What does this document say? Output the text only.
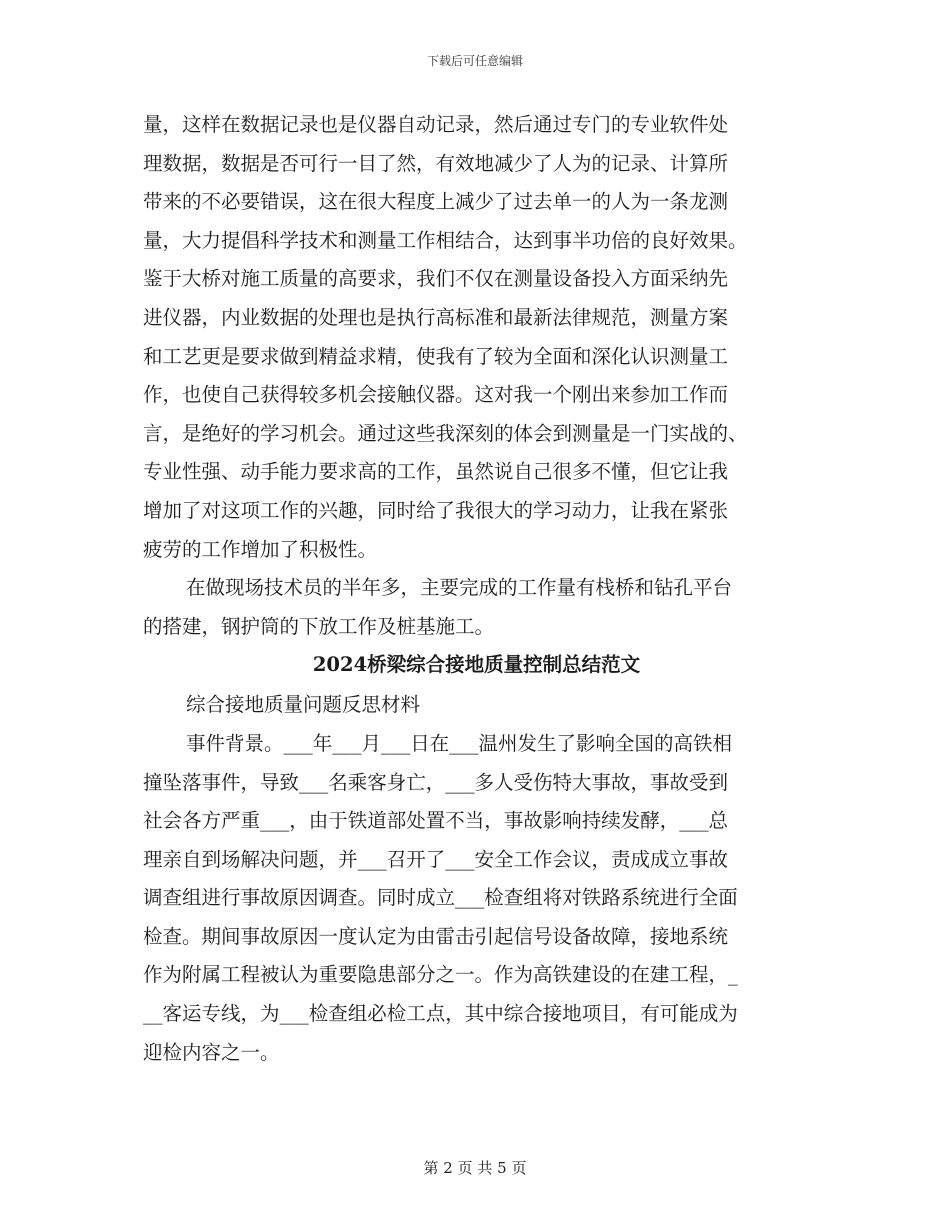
下载后可任意编辑
量，这样在数据记录也是仪器自动记录，然后通过专门的专业软件处
理数据，数据是否可行一目了然，有效地减少了人为的记录、计算所
带来的不必要错误，这在很大程度上减少了过去单一的人为一条龙测
量，大力提倡科学技术和测量工作相结合，达到事半功倍的良好效果。
鉴于大桥对施工质量的高要求，我们不仅在测量设备投入方面采纳先
进仪器，内业数据的处理也是执行高标准和最新法律规范，测量方案
和工艺更是要求做到精益求精，使我有了较为全面和深化认识测量工
作，也使自己获得较多机会接触仪器。这对我一个刚出来参加工作而
言，是绝好的学习机会。通过这些我深刻的体会到测量是一门实战的、
专业性强、动手能力要求高的工作，虽然说自己很多不懂，但它让我
增加了对这项工作的兴趣，同时给了我很大的学习动力，让我在紧张
疲劳的工作增加了积极性。
在做现场技术员的半年多，主要完成的工作量有栈桥和钻孔平台
的搭建，钢护筒的下放工作及桩基施工。
2024桥梁综合接地质量控制总结范文
综合接地质量问题反思材料
事件背景。___年___月___日在___温州发生了影响全国的高铁相
撞坠落事件，导致___名乘客身亡，___多人受伤特大事故，事故受到
社会各方严重___，由于铁道部处置不当，事故影响持续发酵，___总
理亲自到场解决问题，并___召开了___安全工作会议，责成成立事故
调查组进行事故原因调查。同时成立___检查组将对铁路系统进行全面
检查。期间事故原因一度认定为由雷击引起信号设备故障，接地系统
作为附属工程被认为重要隐患部分之一。作为高铁建设的在建工程，_
__客运专线，为___检查组必检工点，其中综合接地项目，有可能成为
迎检内容之一。
第 2 页 共 5 页
